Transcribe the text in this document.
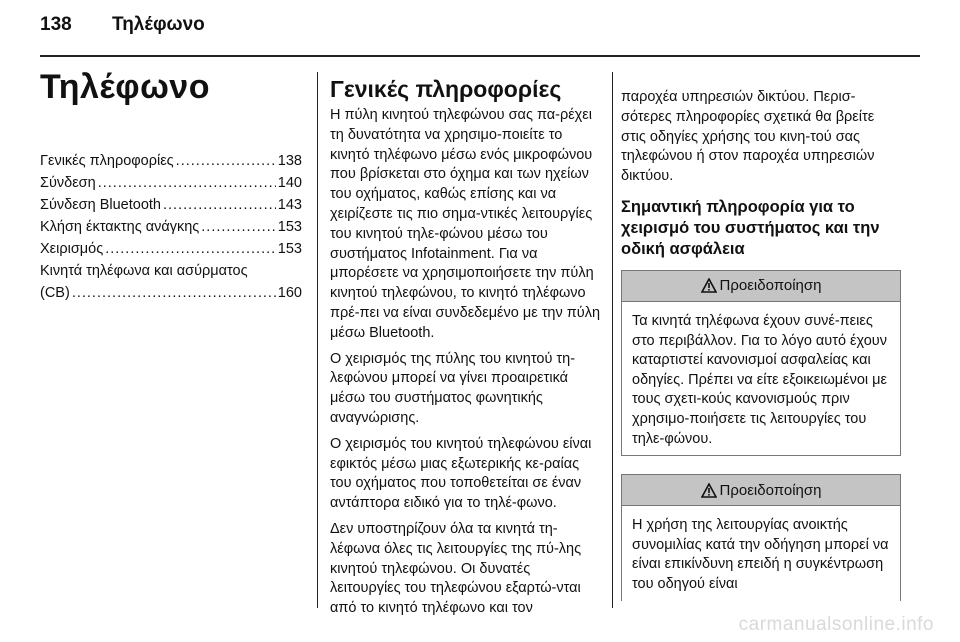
138 Τηλέφωνο
Τηλέφωνο
Γενικές πληροφορίες .....	138
Σύνδεση .....	140
Σύνδεση Bluetooth .....	143
Κλήση έκτακτης ανάγκης .....	153
Χειρισμός .....	153
Κινητά τηλέφωνα και ασύρματος
(CB) .....	160
Γενικές πληροφορίες

Η πύλη κινητού τηλεφώνου σας πα-ρέχει τη δυνατότητα να χρησιμο-ποιείτε το κινητό τηλέφωνο μέσω ενός μικροφώνου που βρίσκεται στο όχημα και των ηχείων του οχήματος, καθώς επίσης και να χειρίζεστε τις πιο σημα-ντικές λειτουργίες του κινητού τηλε-φώνου μέσω του συστήματος Infotainment. Για να μπορέσετε να χρησιμοποιήσετε την πύλη κινητού τηλεφώνου, το κινητό τηλέφωνο πρέ-πει να είναι συνδεδεμένο με την πύλη μέσω Bluetooth.

Ο χειρισμός της πύλης του κινητού τη-λεφώνου μπορεί να γίνει προαιρετικά μέσω του συστήματος φωνητικής αναγνώρισης.

Ο χειρισμός του κινητού τηλεφώνου είναι εφικτός μέσω μιας εξωτερικής κε-ραίας του οχήματος που τοποθετείται σε έναν αντάπτορα ειδικό για το τηλέ-φωνο.

Δεν υποστηρίζουν όλα τα κινητά τη-λέφωνα όλες τις λειτουργίες της πύ-λης κινητού τηλεφώνου. Οι δυνατές λειτουργίες του τηλεφώνου εξαρτώ-νται από το κινητό τηλέφωνο και τον

παροχέα υπηρεσιών δικτύου. Περισ-σότερες πληροφορίες σχετικά θα βρείτε στις οδηγίες χρήσης του κινη-τού σας τηλεφώνου ή στον παροχέα υπηρεσιών δικτύου.

Σημαντική πληροφορία για το χειρισμό του συστήματος και την οδική ασφάλεια
Προειδοποίηση
Τα κινητά τηλέφωνα έχουν συνέ-πειες στο περιβάλλον. Για το λόγο αυτό έχουν καταρτιστεί κανονισμοί ασφαλείας και οδηγίες. Πρέπει να είτε εξοικειωμένοι με τους σχετι-κούς κανονισμούς πριν χρησιμο-ποιήσετε τις λειτουργίες του τηλε-φώνου.
Προειδοποίηση
Η χρήση της λειτουργίας ανοικτής συνομιλίας κατά την οδήγηση μπορεί να είναι επικίνδυνη επειδή η συγκέντρωση του οδηγού είναι
carmanualsonline.info
